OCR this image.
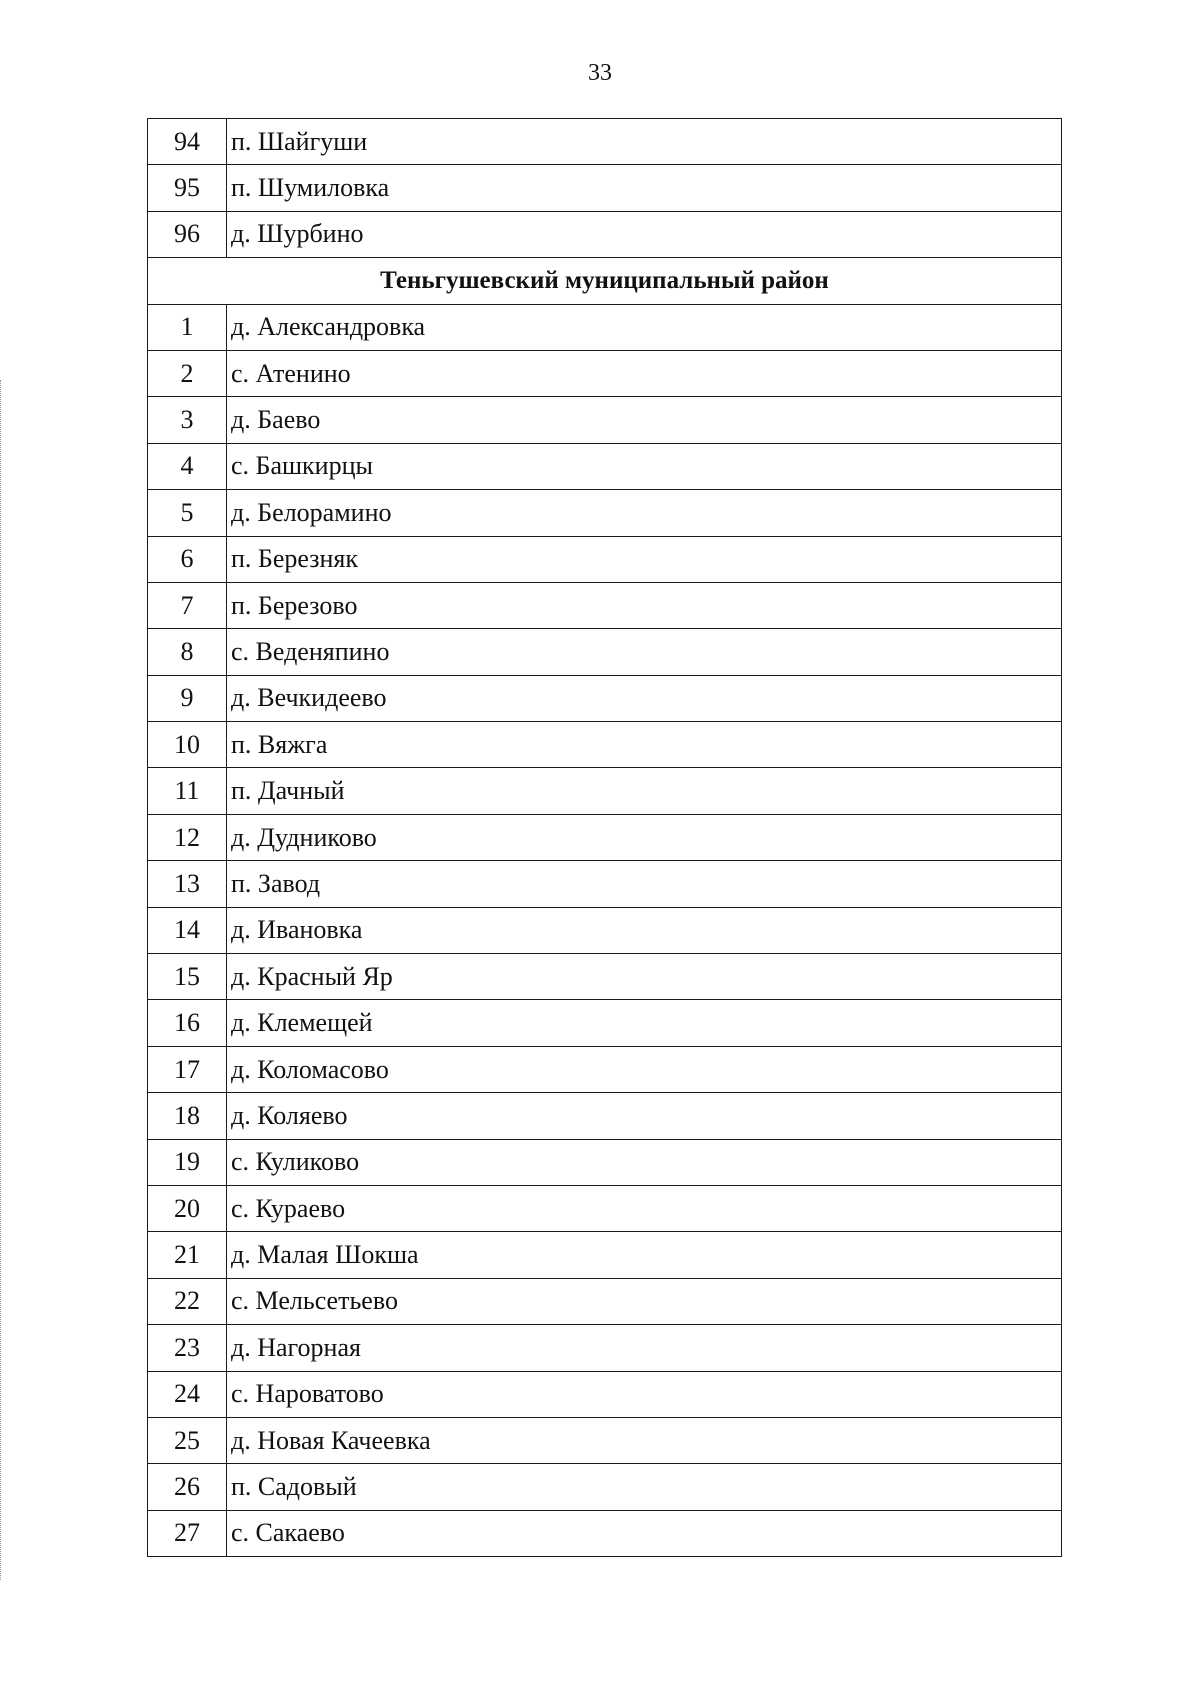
33
94	п. Шайгуши
95	п. Шумиловка
96	д. Шурбино
Теньгушевский муниципальный район	
1	д. Александровка
2	с. Атенино
3	д. Баево
4	с. Башкирцы
5	д. Белорамино
6	п. Березняк
7	п. Березово
8	с. Веденяпино
9	д. Вечкидеево
10	п. Вяжга
11	п. Дачный
12	д. Дудниково
13	п. Завод
14	д. Ивановка
15	д. Красный Яр
16	д. Клемещей
17	д. Коломасово
18	д. Коляево
19	с. Куликово
20	с. Кураево
21	д. Малая Шокша
22	с. Мельсетьево
23	д. Нагорная
24	с. Нароватово
25	д. Новая Качеевка
26	п. Садовый
27	с. Сакаево
